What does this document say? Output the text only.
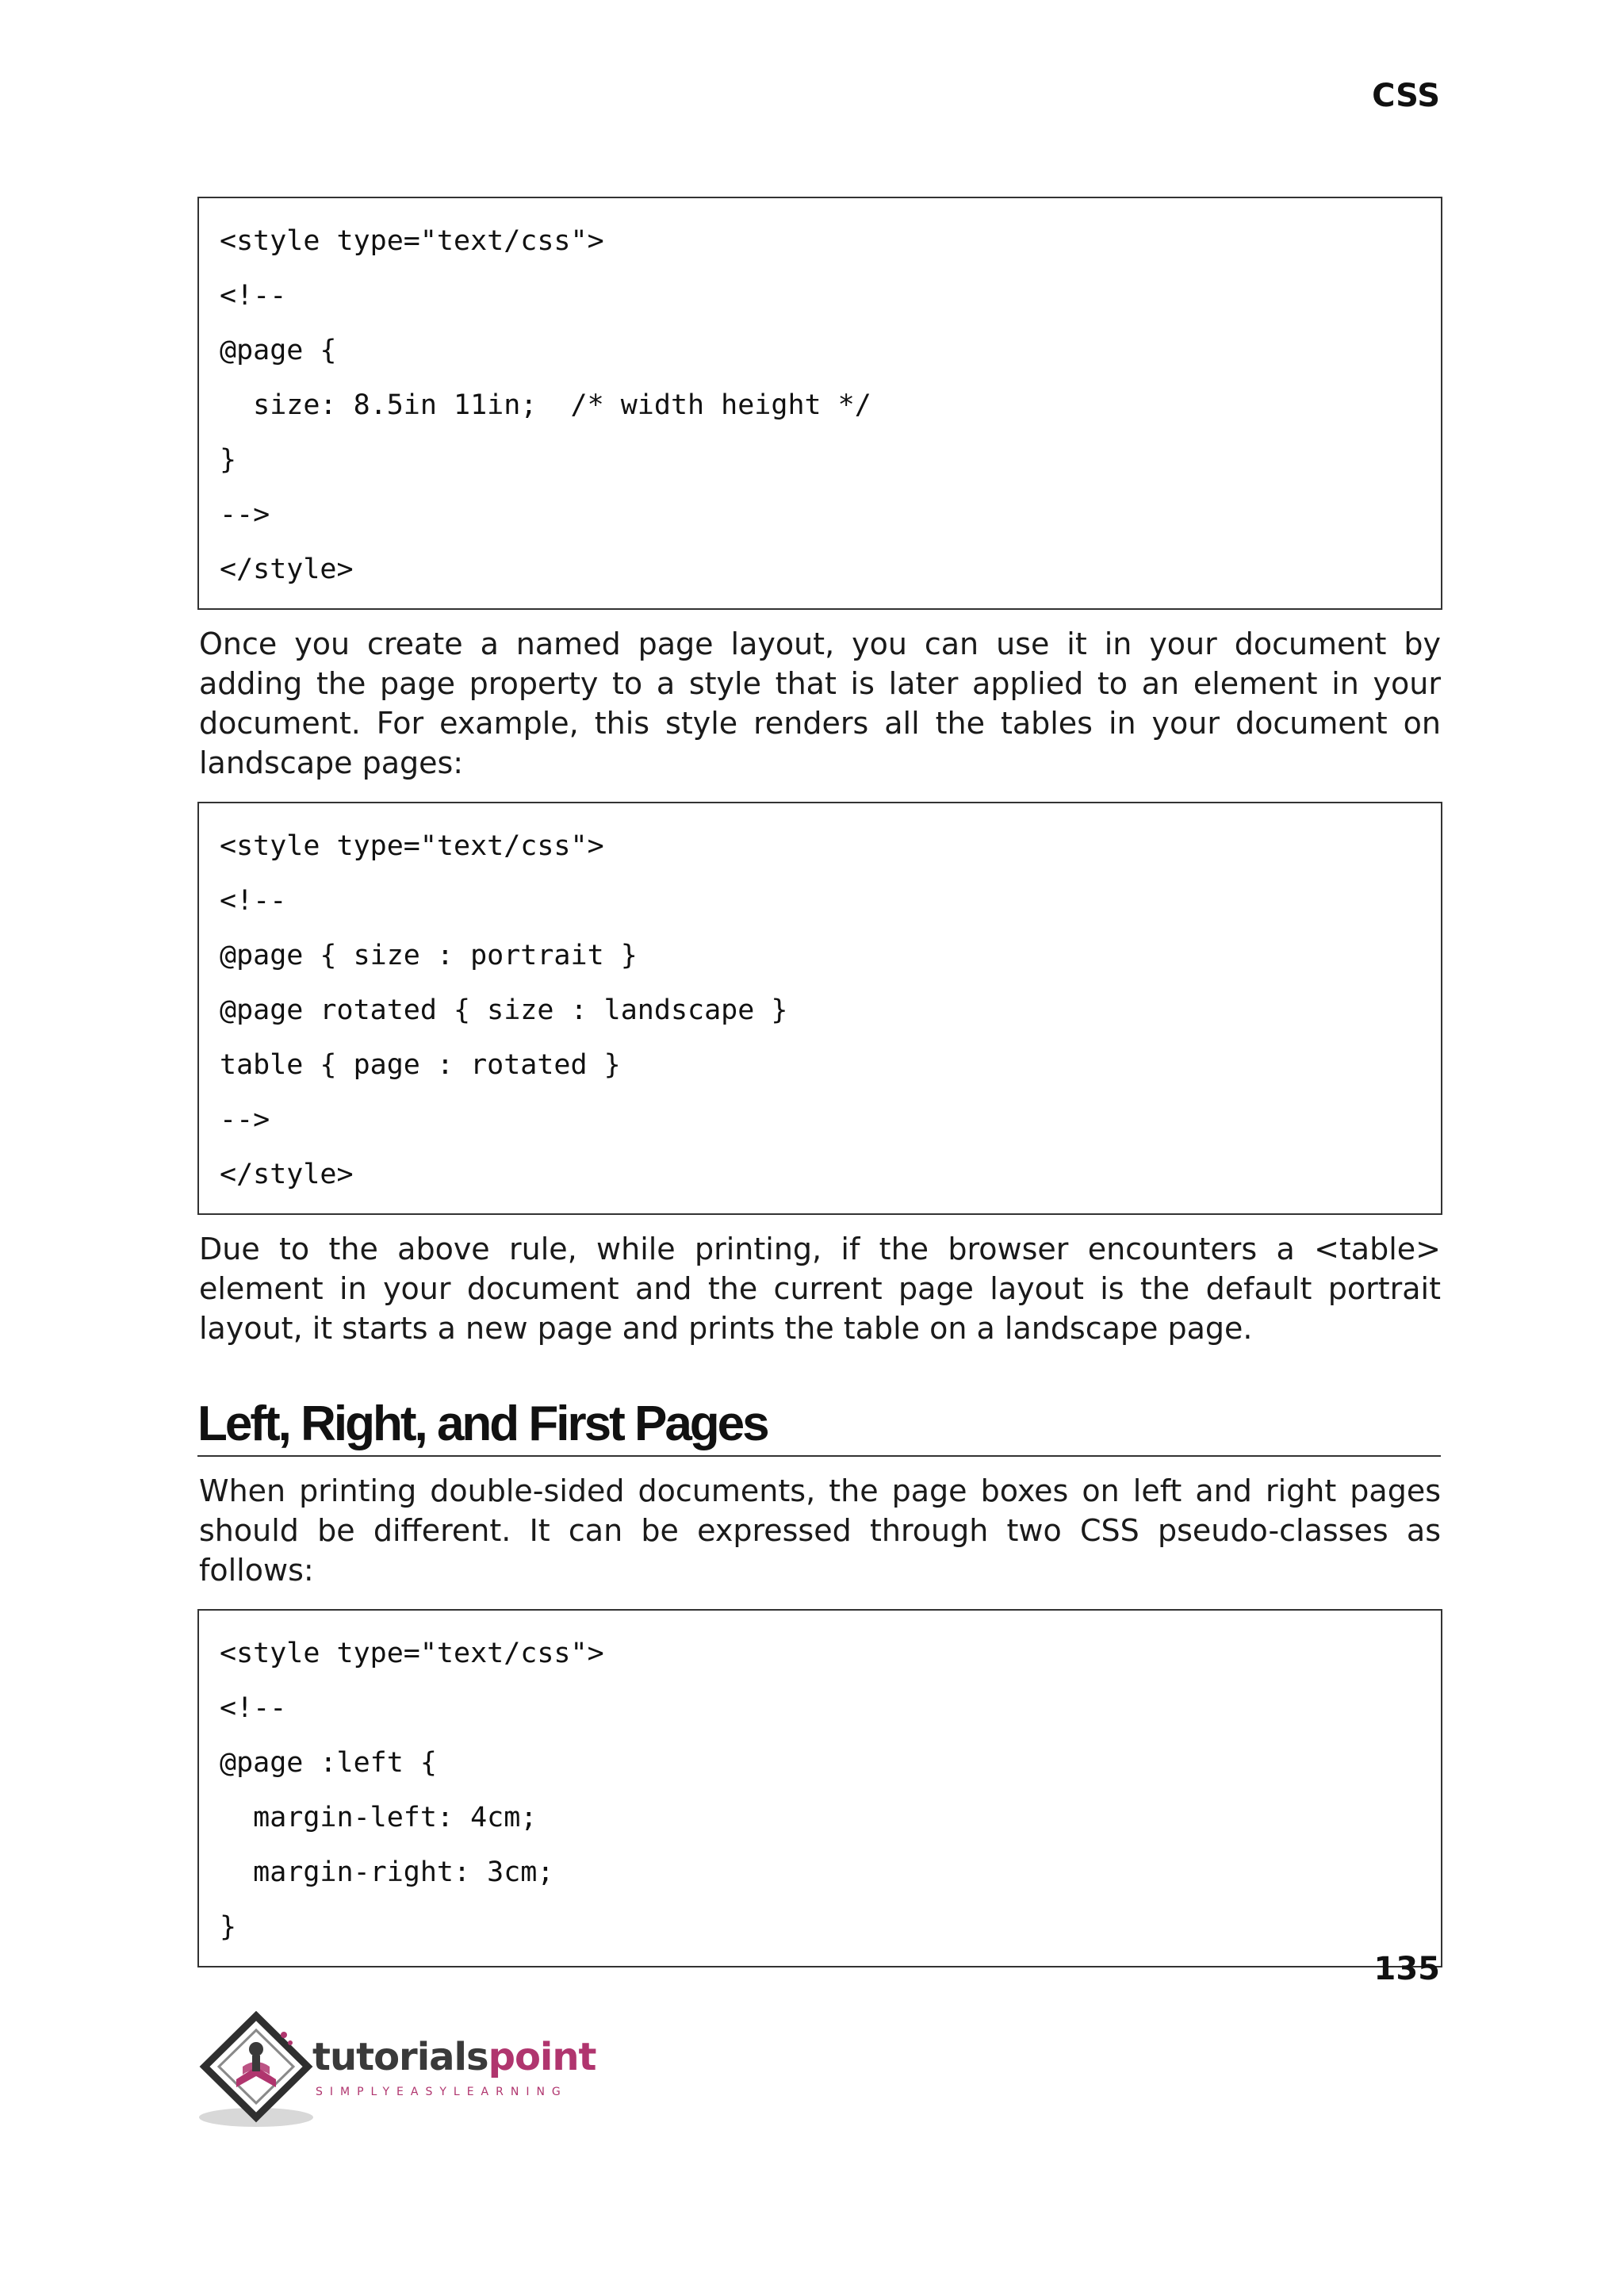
CSS
<style type="text/css">
<!--
@page {
size: 8.5in 11in;  /* width height */
}
-->
</style>

Once you create a named page layout, you can use it in your document by adding the page property to a style that is later applied to an element in your document. For example, this style renders all the tables in your document on landscape pages:

<style type="text/css">
<!--
@page { size : portrait }
@page rotated { size : landscape }
table { page : rotated }
-->
</style>

Due to the above rule, while printing, if the browser encounters a <table> element in your document and the current page layout is the default portrait layout, it starts a new page and prints the table on a landscape page.

Left, Right, and First Pages

When printing double-sided documents, the page boxes on left and right pages should be different. It can be expressed through two CSS pseudo-classes as follows:

<style type="text/css">
<!--
@page :left {
margin-left: 4cm;
margin-right: 3cm;
}
135
tutorialspoint
SIMPLYEASYLEARNING
